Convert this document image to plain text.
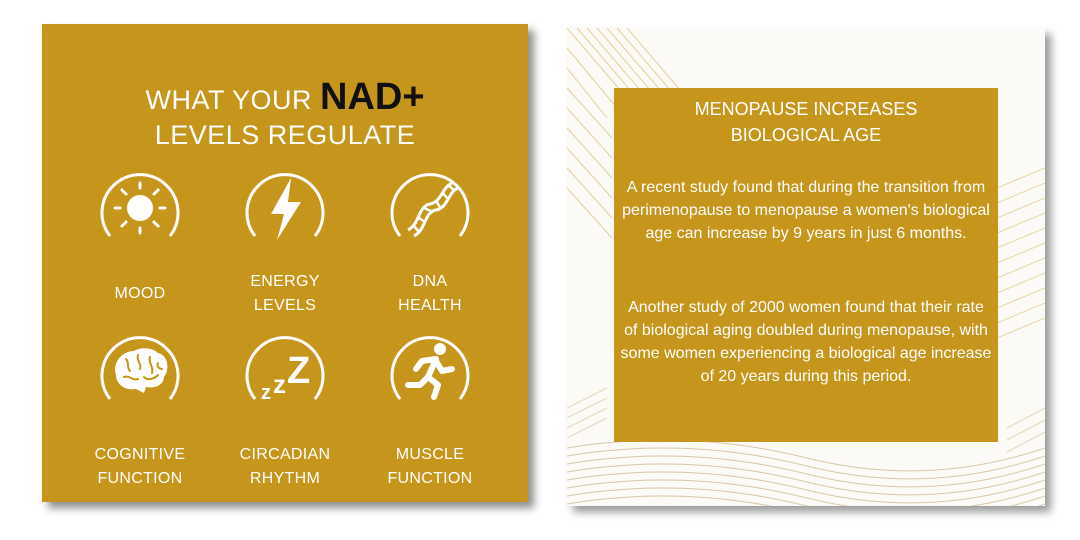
WHAT YOUR NAD+
LEVELS REGULATE
MOOD
ENERGY
LEVELS
DNA
HEALTH
COGNITIVE
FUNCTION
z z Z
CIRCADIAN
RHYTHM
MUSCLE
FUNCTION
MENOPAUSE INCREASES
BIOLOGICAL AGE
A recent study found that during the transition from perimenopause to menopause a women's biological age can increase by 9 years in just 6 months.
Another study of 2000 women found that their rate of biological aging doubled during menopause, with some women experiencing a biological age increase of 20 years during this period.
